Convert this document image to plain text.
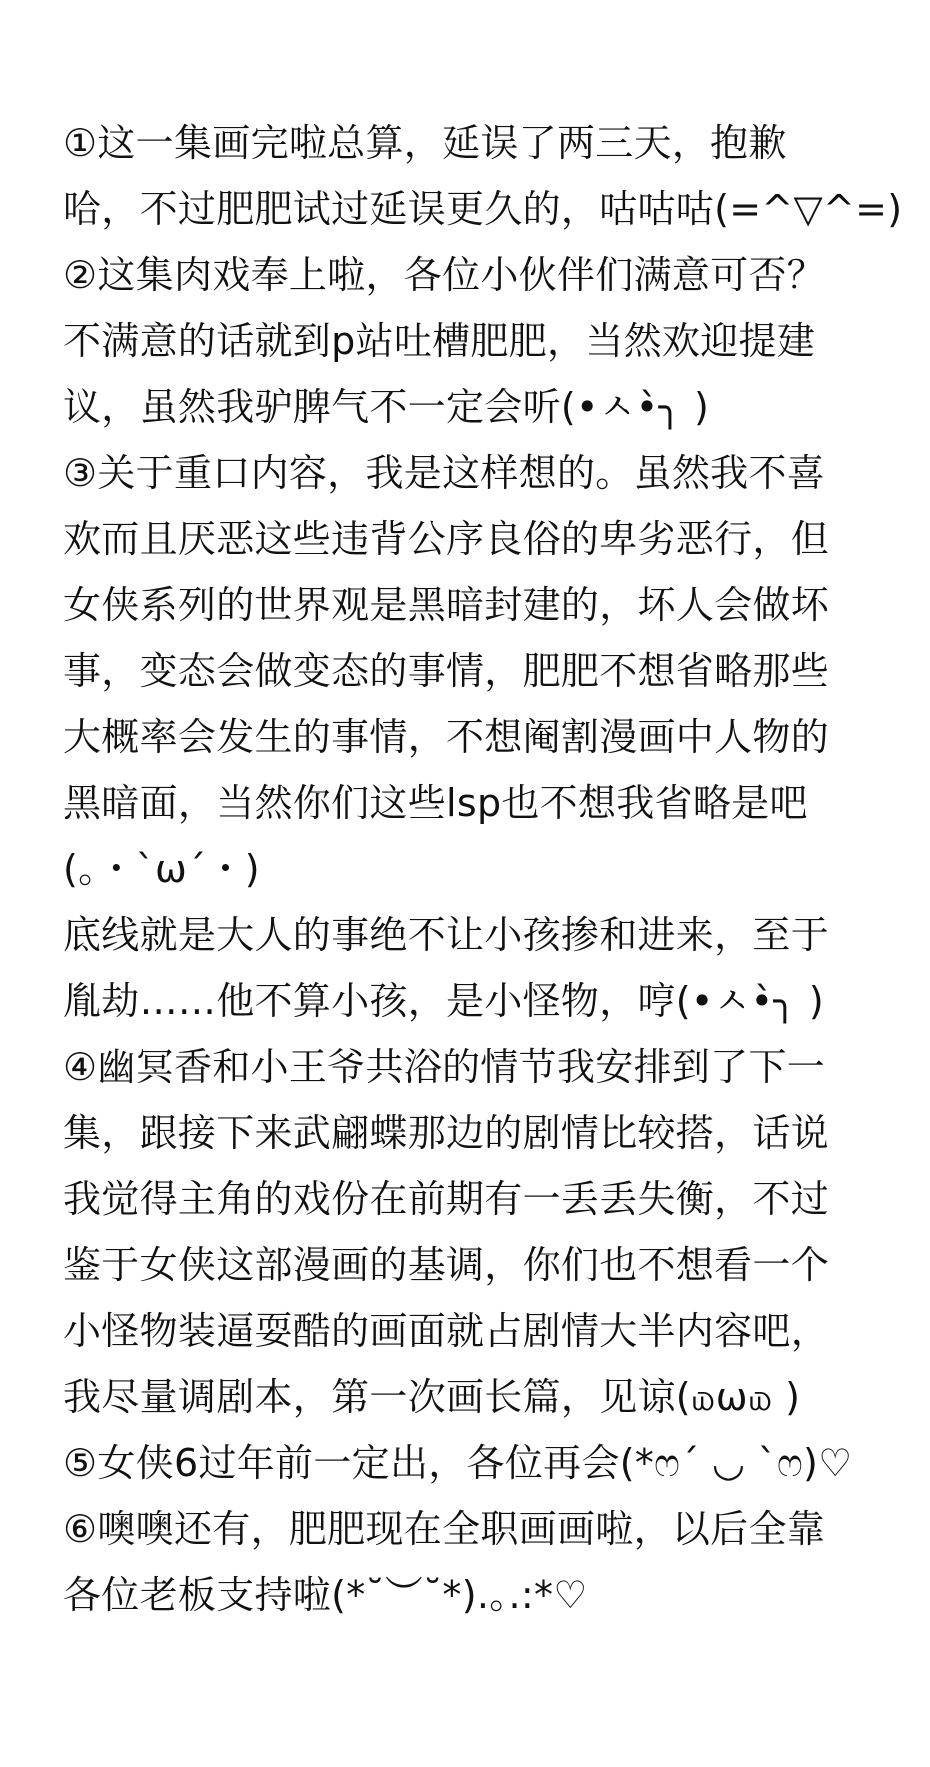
①这一集画完啦总算，延误了两三天，抱歉
哈，不过肥肥试过延误更久的，咕咕咕(=^▽^=)
②这集肉戏奉上啦，各位小伙伴们满意可否？
不满意的话就到p站吐槽肥肥，当然欢迎提建
议，虽然我驴脾气不一定会听(•ㅅ•̀╮ )
③关于重口内容，我是这样想的。虽然我不喜
欢而且厌恶这些违背公序良俗的卑劣恶行，但
女侠系列的世界观是黑暗封建的，坏人会做坏
事，变态会做变态的事情，肥肥不想省略那些
大概率会发生的事情，不想阉割漫画中人物的
黑暗面，当然你们这些lsp也不想我省略是吧
(。・`ω´・)
底线就是大人的事绝不让小孩掺和进来，至于
胤劫……他不算小孩，是小怪物，哼(•ㅅ•̀╮ )
④幽冥香和小王爷共浴的情节我安排到了下一
集，跟接下来武翩蝶那边的剧情比较搭，话说
我觉得主角的戏份在前期有一丢丢失衡，不过
鉴于女侠这部漫画的基调，你们也不想看一个
小怪物装逼耍酷的画面就占剧情大半内容吧，
我尽量调剧本，第一次画长篇，见谅(௰ω௰ )
⑤女侠6过年前一定出，各位再会(*ෆ´ ◡ `ෆ)♡
⑥噢噢还有，肥肥现在全职画画啦，以后全靠
各位老板支持啦(*˘︶˘*).｡.:*♡
